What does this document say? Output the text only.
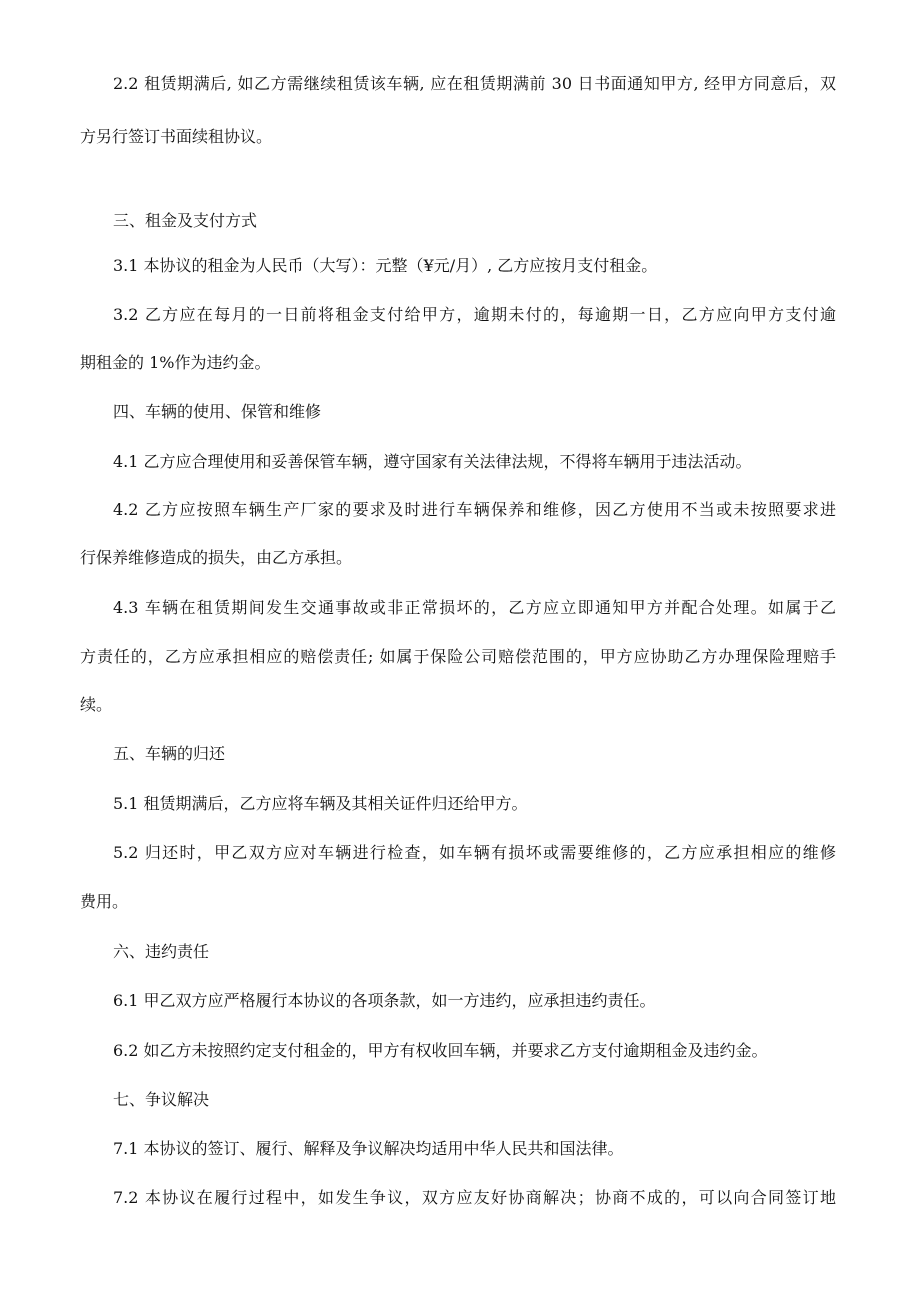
2.2 租赁期满后, 如乙方需继续租赁该车辆, 应在租赁期满前 30 日书面通知甲方, 经甲方同意后，双
方另行签订书面续租协议。
三、租金及支付方式
3.1 本协议的租金为人民币（大写）：元整（¥元/月）, 乙方应按月支付租金。
3.2 乙方应在每月的一日前将租金支付给甲方，逾期未付的，每逾期一日，乙方应向甲方支付逾
期租金的 1%作为违约金。
四、车辆的使用、保管和维修
4.1 乙方应合理使用和妥善保管车辆，遵守国家有关法律法规，不得将车辆用于违法活动。
4.2 乙方应按照车辆生产厂家的要求及时进行车辆保养和维修，因乙方使用不当或未按照要求进
行保养维修造成的损失，由乙方承担。
4.3 车辆在租赁期间发生交通事故或非正常损坏的，乙方应立即通知甲方并配合处理。如属于乙
方责任的，乙方应承担相应的赔偿责任; 如属于保险公司赔偿范围的，甲方应协助乙方办理保险理赔手
续。
五、车辆的归还
5.1 租赁期满后，乙方应将车辆及其相关证件归还给甲方。
5.2 归还时，甲乙双方应对车辆进行检查，如车辆有损坏或需要维修的，乙方应承担相应的维修
费用。
六、违约责任
6.1 甲乙双方应严格履行本协议的各项条款，如一方违约，应承担违约责任。
6.2 如乙方未按照约定支付租金的，甲方有权收回车辆，并要求乙方支付逾期租金及违约金。
七、争议解决
7.1 本协议的签订、履行、解释及争议解决均适用中华人民共和国法律。
7.2 本协议在履行过程中，如发生争议，双方应友好协商解决；协商不成的，可以向合同签订地
